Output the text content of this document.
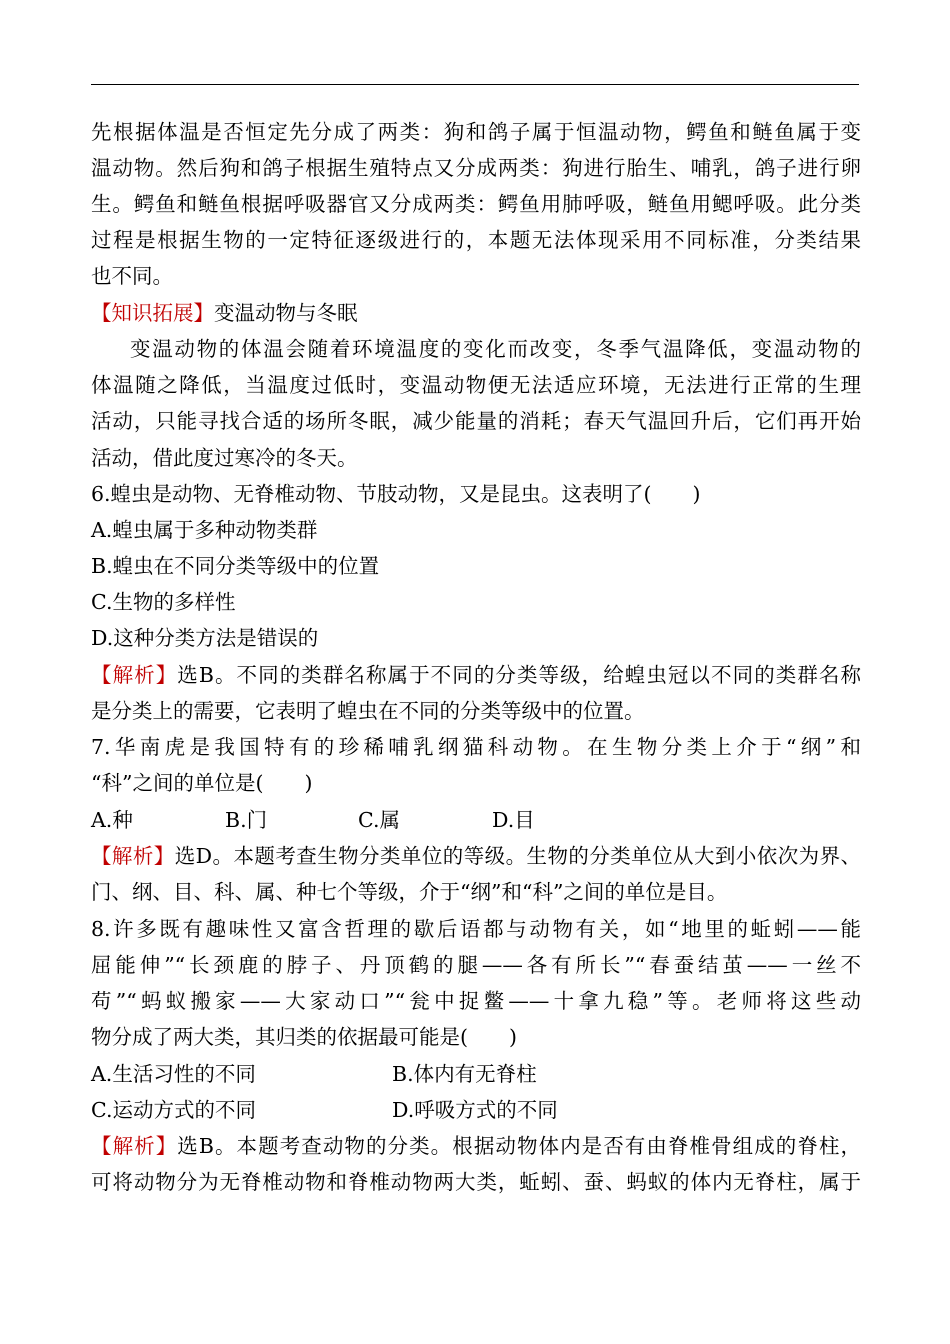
先根据体温是否恒定先分成了两类：狗和鸽子属于恒温动物，鳄鱼和鲢鱼属于变
温动物。然后狗和鸽子根据生殖特点又分成两类：狗进行胎生、哺乳，鸽子进行卵
生。鳄鱼和鲢鱼根据呼吸器官又分成两类：鳄鱼用肺呼吸，鲢鱼用鳃呼吸。此分类
过程是根据生物的一定特征逐级进行的，本题无法体现采用不同标准，分类结果
也不同。
【知识拓展】变温动物与冬眠
变温动物的体温会随着环境温度的变化而改变，冬季气温降低，变温动物的
体温随之降低，当温度过低时，变温动物便无法适应环境，无法进行正常的生理
活动，只能寻找合适的场所冬眠，减少能量的消耗；春天气温回升后，它们再开始
活动，借此度过寒冷的冬天。
6.蝗虫是动物、无脊椎动物、节肢动物，又是昆虫。这表明了(　　)
A.蝗虫属于多种动物类群
B.蝗虫在不同分类等级中的位置
C.生物的多样性
D.这种分类方法是错误的
【解析】选B。不同的类群名称属于不同的分类等级，给蝗虫冠以不同的类群名称
是分类上的需要，它表明了蝗虫在不同的分类等级中的位置。
7.华南虎是我国特有的珍稀哺乳纲猫科动物。在生物分类上介于“纲”和
“科”之间的单位是(　　)
A.种	B.门	C.属	D.目
【解析】选D。本题考查生物分类单位的等级。生物的分类单位从大到小依次为界、
门、纲、目、科、属、种七个等级，介于“纲”和“科”之间的单位是目。
8.许多既有趣味性又富含哲理的歇后语都与动物有关，如“地里的蚯蚓——能
屈能伸”“长颈鹿的脖子、丹顶鹤的腿——各有所长”“春蚕结茧——一丝不
苟”“蚂蚁搬家——大家动口”“瓮中捉鳖——十拿九稳”等。老师将这些动
物分成了两大类，其归类的依据最可能是(　　)
A.生活习性的不同	B.体内有无脊柱
C.运动方式的不同	D.呼吸方式的不同
【解析】选B。本题考查动物的分类。根据动物体内是否有由脊椎骨组成的脊柱，
可将动物分为无脊椎动物和脊椎动物两大类，蚯蚓、蚕、蚂蚁的体内无脊柱，属于
